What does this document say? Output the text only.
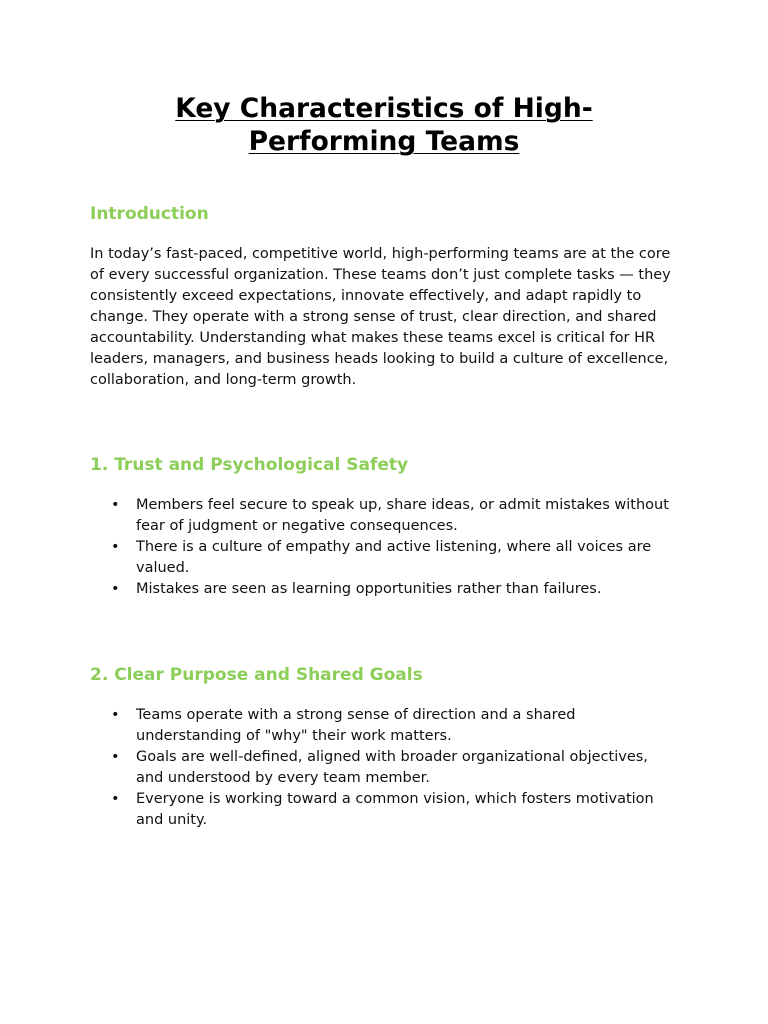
Key Characteristics of High-
Performing Teams
Introduction

In today’s fast-paced, competitive world, high-performing teams are at the core of every successful organization. These teams don’t just complete tasks — they consistently exceed expectations, innovate effectively, and adapt rapidly to change. They operate with a strong sense of trust, clear direction, and shared accountability. Understanding what makes these teams excel is critical for HR leaders, managers, and business heads looking to build a culture of excellence, collaboration, and long-term growth.

1. Trust and Psychological Safety
• Members feel secure to speak up, share ideas, or admit mistakes without fear of judgment or negative consequences.
• There is a culture of empathy and active listening, where all voices are valued.
• Mistakes are seen as learning opportunities rather than failures.
2. Clear Purpose and Shared Goals
• Teams operate with a strong sense of direction and a shared understanding of "why" their work matters.
• Goals are well-defined, aligned with broader organizational objectives, and understood by every team member.
• Everyone is working toward a common vision, which fosters motivation and unity.
